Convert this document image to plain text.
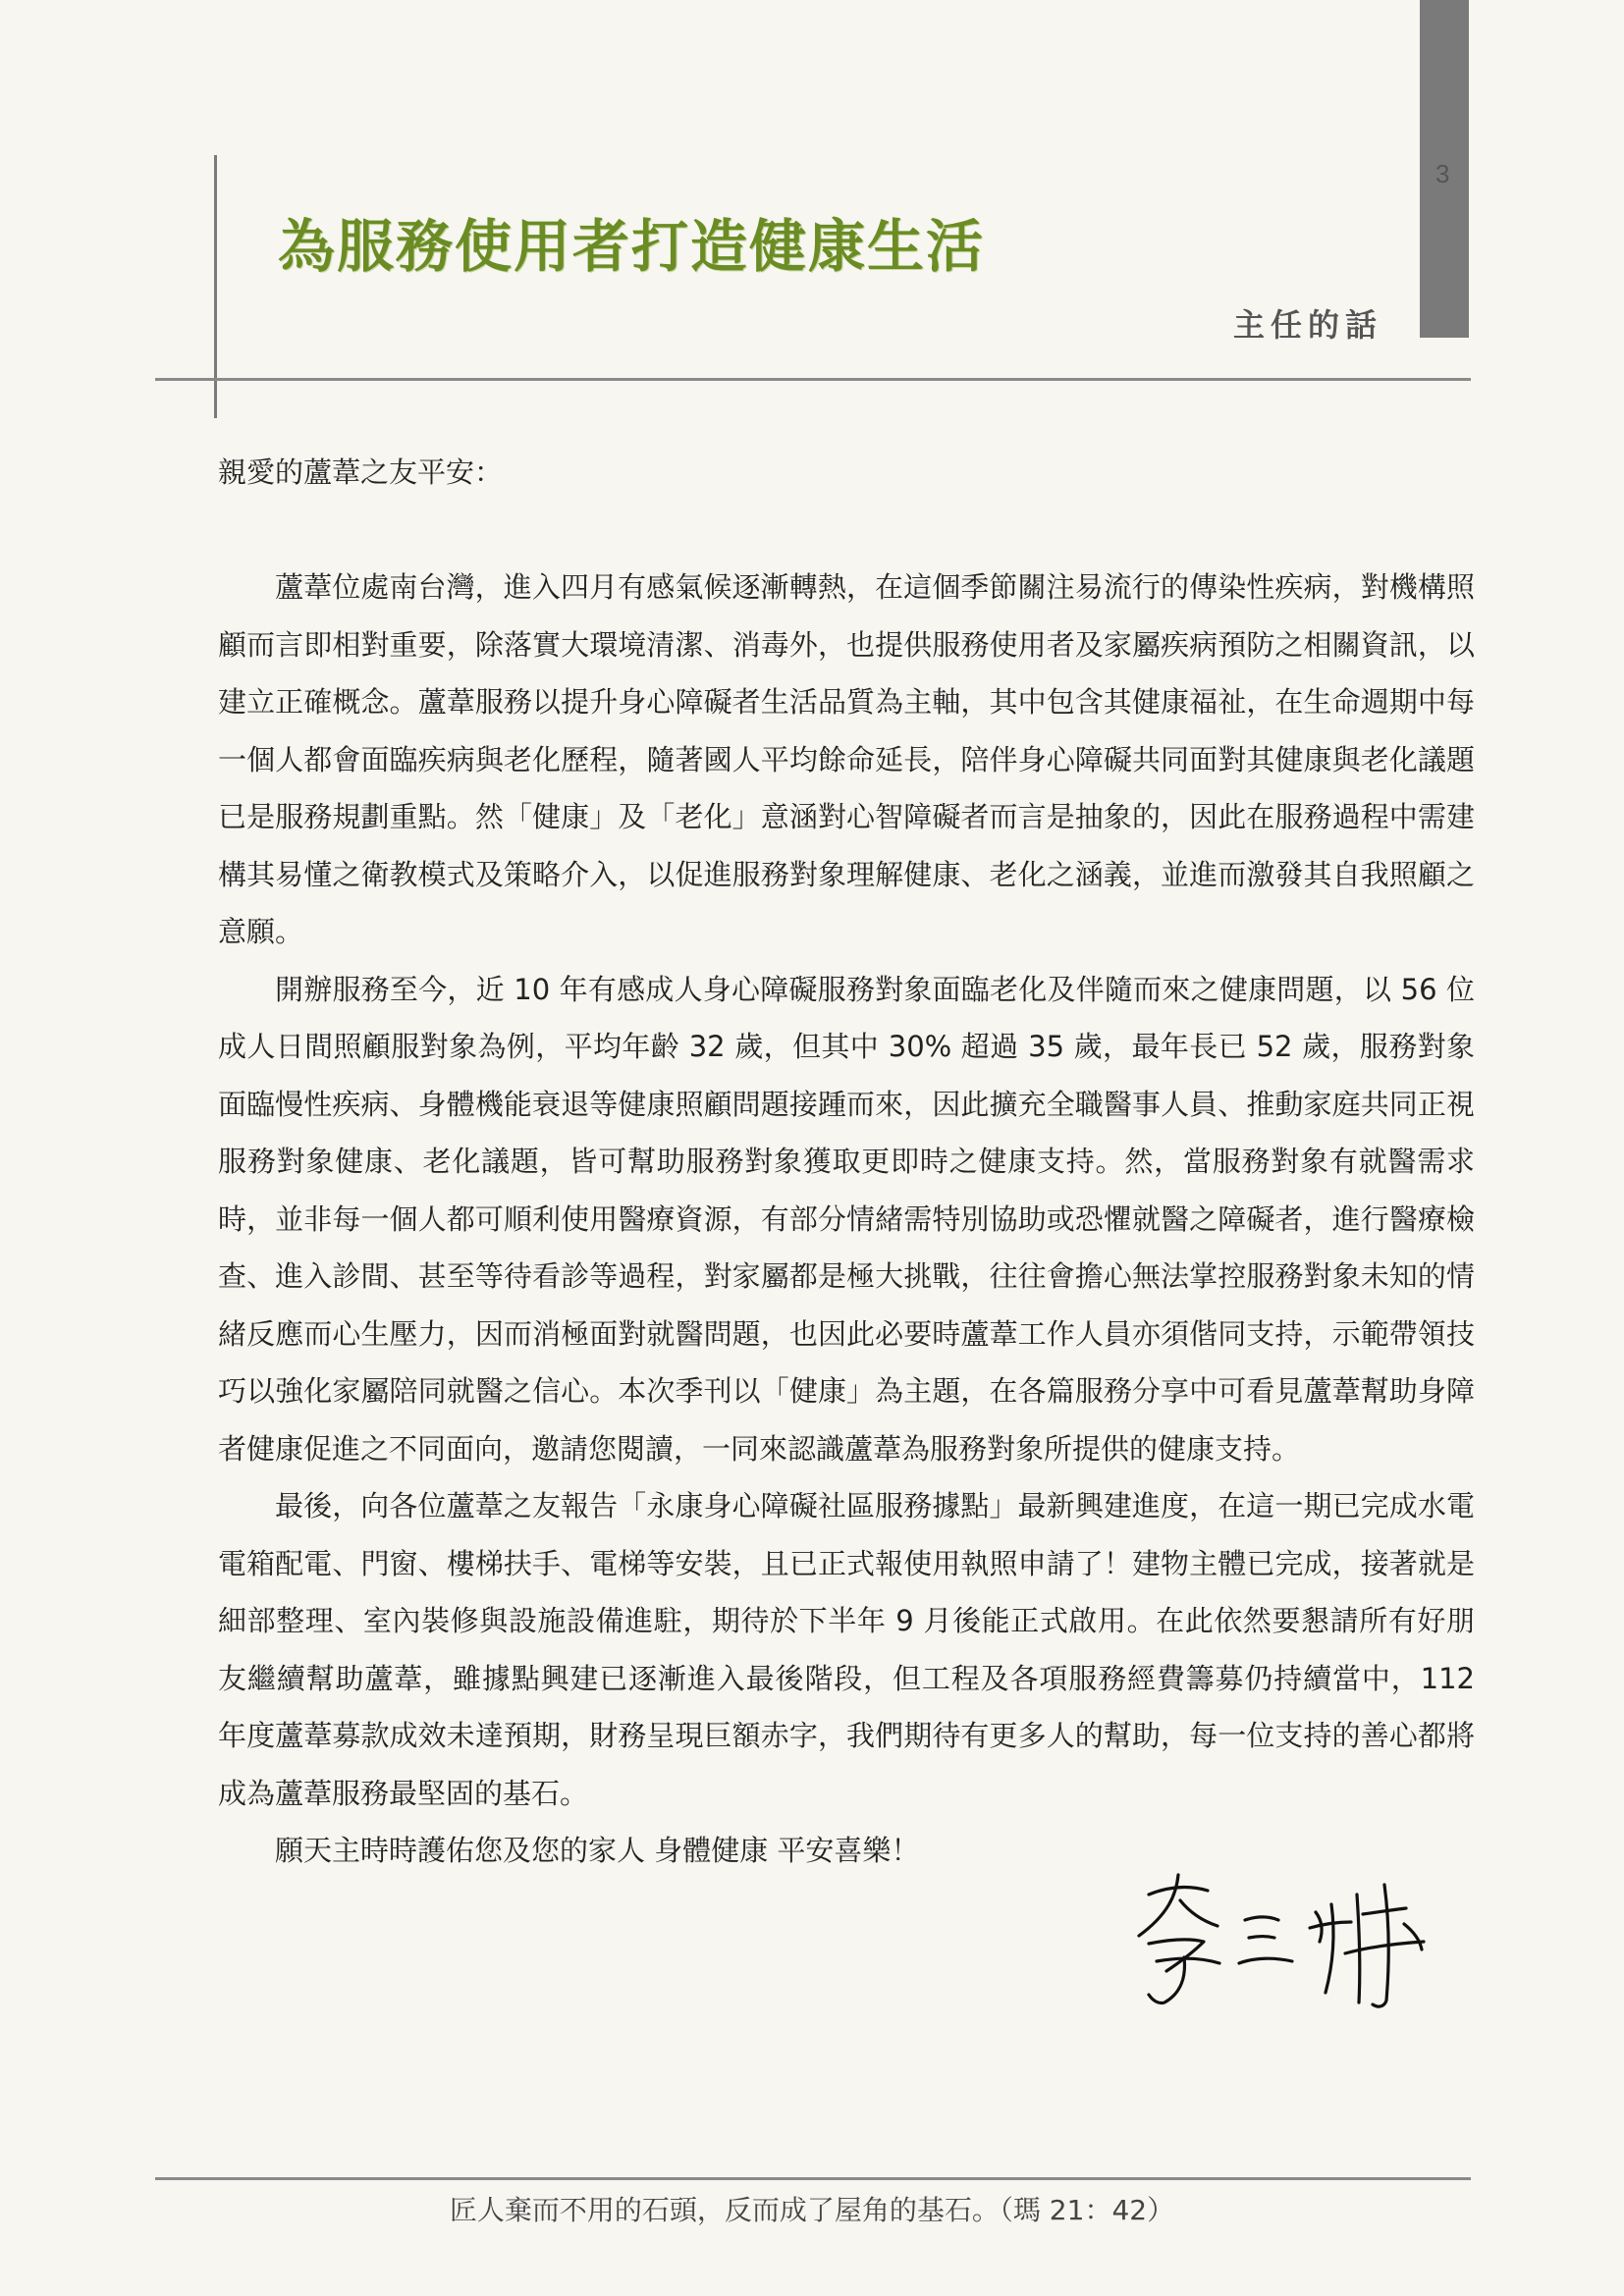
3
為服務使用者打造健康生活
主任的話

親愛的蘆葦之友平安：

蘆葦位處南台灣，進入四月有感氣候逐漸轉熱，在這個季節關注易流行的傳染性疾病，對機構照顧而言即相對重要，除落實大環境清潔、消毒外，也提供服務使用者及家屬疾病預防之相關資訊，以建立正確概念。蘆葦服務以提升身心障礙者生活品質為主軸，其中包含其健康福祉，在生命週期中每一個人都會面臨疾病與老化歷程，隨著國人平均餘命延長，陪伴身心障礙共同面對其健康與老化議題已是服務規劃重點。然「健康」及「老化」意涵對心智障礙者而言是抽象的，因此在服務過程中需建構其易懂之衛教模式及策略介入，以促進服務對象理解健康、老化之涵義，並進而激發其自我照顧之意願。

開辦服務至今，近 10 年有感成人身心障礙服務對象面臨老化及伴隨而來之健康問題，以 56 位成人日間照顧服對象為例，平均年齡 32 歲，但其中 30% 超過 35 歲，最年長已 52 歲，服務對象面臨慢性疾病、身體機能衰退等健康照顧問題接踵而來，因此擴充全職醫事人員、推動家庭共同正視服務對象健康、老化議題，皆可幫助服務對象獲取更即時之健康支持。然，當服務對象有就醫需求時，並非每一個人都可順利使用醫療資源，有部分情緒需特別協助或恐懼就醫之障礙者，進行醫療檢查、進入診間、甚至等待看診等過程，對家屬都是極大挑戰，往往會擔心無法掌控服務對象未知的情緒反應而心生壓力，因而消極面對就醫問題，也因此必要時蘆葦工作人員亦須偕同支持，示範帶領技巧以強化家屬陪同就醫之信心。本次季刊以「健康」為主題，在各篇服務分享中可看見蘆葦幫助身障者健康促進之不同面向，邀請您閱讀，一同來認識蘆葦為服務對象所提供的健康支持。

最後，向各位蘆葦之友報告「永康身心障礙社區服務據點」最新興建進度，在這一期已完成水電電箱配電、門窗、樓梯扶手、電梯等安裝，且已正式報使用執照申請了！建物主體已完成，接著就是細部整理、室內裝修與設施設備進駐，期待於下半年 9 月後能正式啟用。在此依然要懇請所有好朋友繼續幫助蘆葦，雖據點興建已逐漸進入最後階段，但工程及各項服務經費籌募仍持續當中，112 年度蘆葦募款成效未達預期，財務呈現巨額赤字，我們期待有更多人的幫助，每一位支持的善心都將成為蘆葦服務最堅固的基石。

願天主時時護佑您及您的家人 身體健康 平安喜樂！

匠人棄而不用的石頭，反而成了屋角的基石。（瑪 21：42）
